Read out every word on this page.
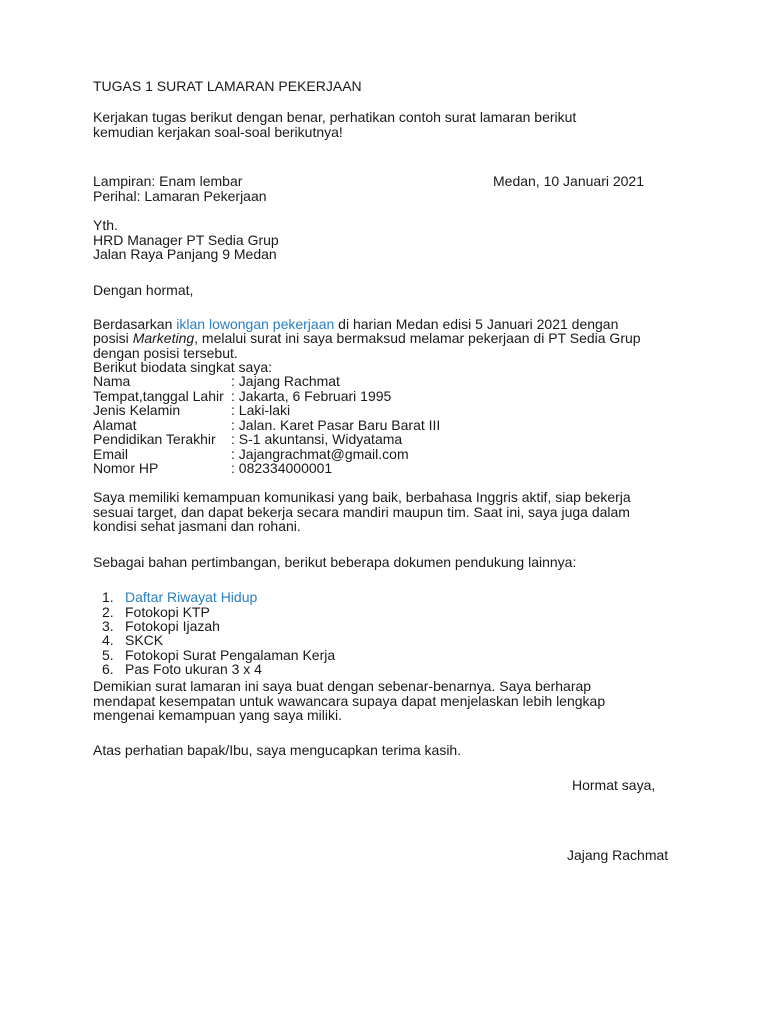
TUGAS 1 SURAT LAMARAN PEKERJAAN
Kerjakan tugas berikut dengan benar, perhatikan contoh surat lamaran berikut
kemudian kerjakan soal-soal berikutnya!
Lampiran: Enam lembar	Medan, 10 Januari 2021
Perihal: Lamaran Pekerjaan
Yth.
HRD Manager PT Sedia Grup
Jalan Raya Panjang 9 Medan
Dengan hormat,
Berdasarkan iklan lowongan pekerjaan di harian Medan edisi 5 Januari 2021 dengan
posisi Marketing, melalui surat ini saya bermaksud melamar pekerjaan di PT Sedia Grup
dengan posisi tersebut.
Berikut biodata singkat saya:
Nama	: Jajang Rachmat
Tempat,tanggal Lahir : Jakarta, 6 Februari 1995
Jenis Kelamin	: Laki-laki
Alamat	: Jalan. Karet Pasar Baru Barat III
Pendidikan Terakhir : S-1 akuntansi, Widyatama
Email	: Jajangrachmat@gmail.com
Nomor HP	: 082334000001
Saya memiliki kemampuan komunikasi yang baik, berbahasa Inggris aktif, siap bekerja
sesuai target, dan dapat bekerja secara mandiri maupun tim. Saat ini, saya juga dalam
kondisi sehat jasmani dan rohani.
Sebagai bahan pertimbangan, berikut beberapa dokumen pendukung lainnya:
1. Daftar Riwayat Hidup
2. Fotokopi KTP
3. Fotokopi Ijazah
4. SKCK
5. Fotokopi Surat Pengalaman Kerja
6. Pas Foto ukuran 3 x 4
Demikian surat lamaran ini saya buat dengan sebenar-benarnya. Saya berharap
mendapat kesempatan untuk wawancara supaya dapat menjelaskan lebih lengkap
mengenai kemampuan yang saya miliki.
Atas perhatian bapak/Ibu, saya mengucapkan terima kasih.
Hormat saya,
Jajang Rachmat
